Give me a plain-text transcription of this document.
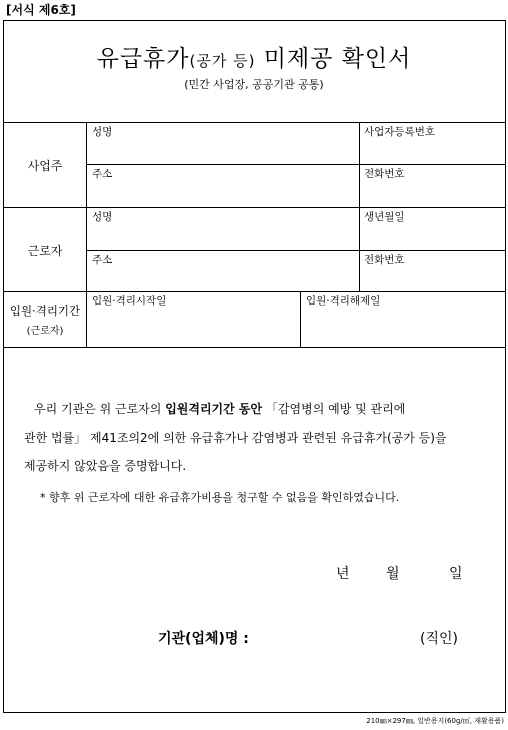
[서식 제6호]
유급휴가(공가 등) 미제공 확인서
(민간 사업장, 공공기관 공통)
사업주
성명	사업자등록번호
주소	전화번호
근로자
성명	생년월일
주소	전화번호
입원·격리기간
(근로자)
입원·격리시작일	입원·격리해제일
우리 기관은 위 근로자의 입원격리기간 동안 「감염병의 예방 및 관리에
관한 법률」 제41조의2에 의한 유급휴가나 감염병과 관련된 유급휴가(공가 등)을
제공하지 않았음을 증명합니다.
* 향후 위 근로자에 대한 유급휴가비용을 청구할 수 없음을 확인하였습니다.
년	월	일
기관(업체)명 :	(직인)
210㎜×297㎜, 일반용지(60g/㎡, 재활용품)
